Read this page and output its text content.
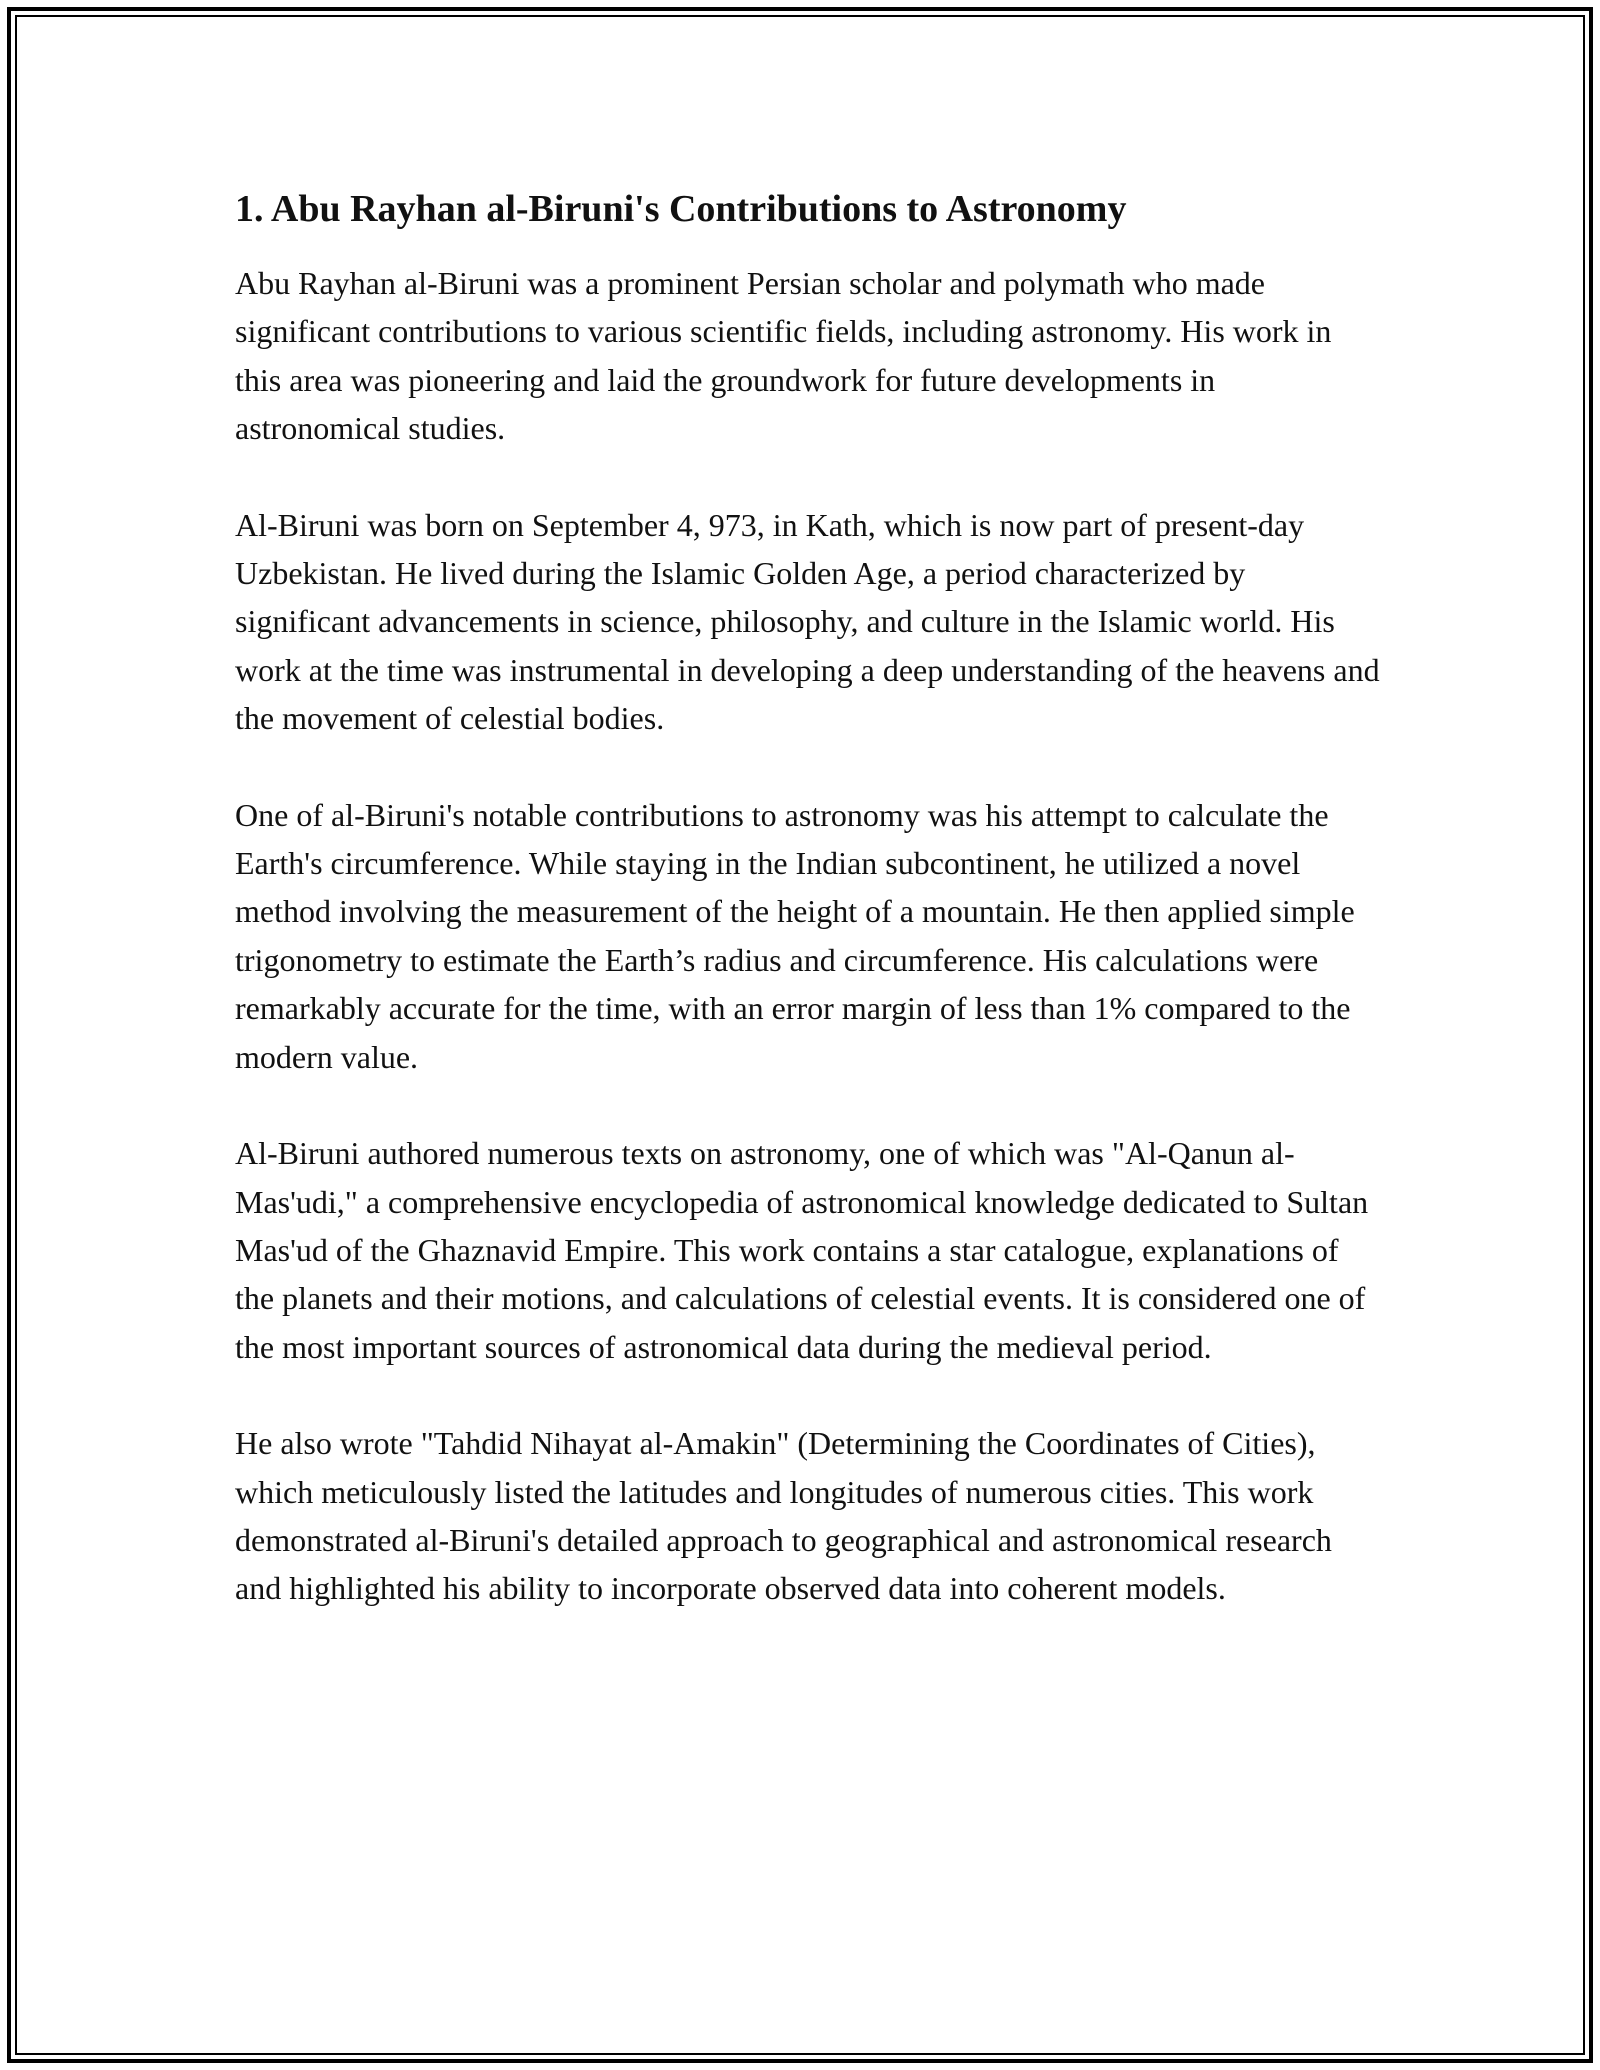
1. Abu Rayhan al-Biruni's Contributions to Astronomy

Abu Rayhan al-Biruni was a prominent Persian scholar and polymath who made significant contributions to various scientific fields, including astronomy. His work in this area was pioneering and laid the groundwork for future developments in astronomical studies.

Al-Biruni was born on September 4, 973, in Kath, which is now part of present-day Uzbekistan. He lived during the Islamic Golden Age, a period characterized by significant advancements in science, philosophy, and culture in the Islamic world. His work at the time was instrumental in developing a deep understanding of the heavens and the movement of celestial bodies.

One of al-Biruni's notable contributions to astronomy was his attempt to calculate the Earth's circumference. While staying in the Indian subcontinent, he utilized a novel method involving the measurement of the height of a mountain. He then applied simple trigonometry to estimate the Earth’s radius and circumference. His calculations were remarkably accurate for the time, with an error margin of less than 1% compared to the modern value.

Al-Biruni authored numerous texts on astronomy, one of which was "Al-Qanun al-Mas'udi," a comprehensive encyclopedia of astronomical knowledge dedicated to Sultan Mas'ud of the Ghaznavid Empire. This work contains a star catalogue, explanations of the planets and their motions, and calculations of celestial events. It is considered one of the most important sources of astronomical data during the medieval period.

He also wrote "Tahdid Nihayat al-Amakin" (Determining the Coordinates of Cities), which meticulously listed the latitudes and longitudes of numerous cities. This work demonstrated al-Biruni's detailed approach to geographical and astronomical research and highlighted his ability to incorporate observed data into coherent models.
